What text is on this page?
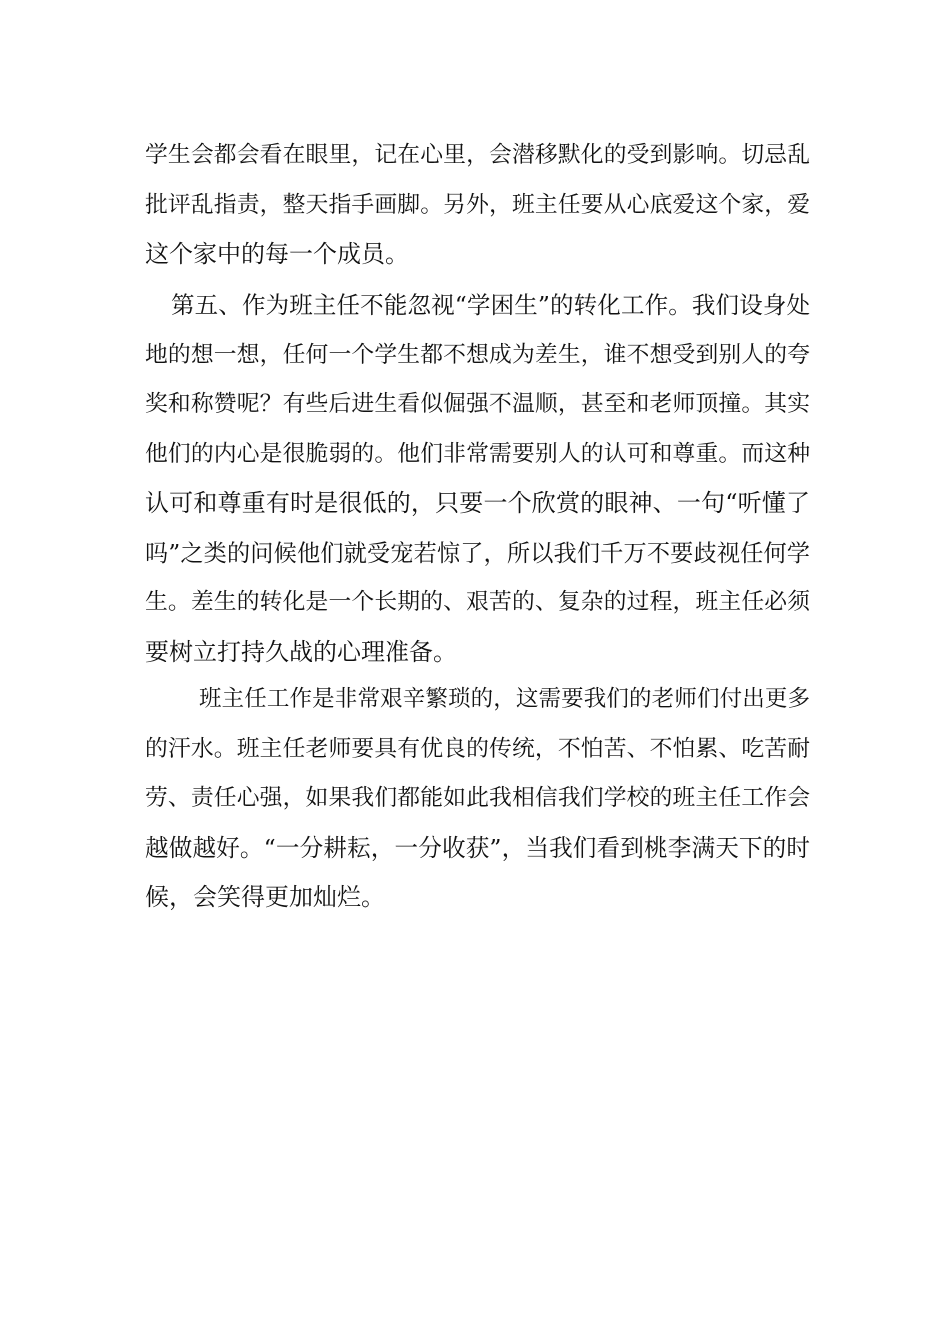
学生会都会看在眼里，记在心里，会潜移默化的受到影响。切忌乱
批评乱指责，整天指手画脚。另外，班主任要从心底爱这个家，爱
这个家中的每一个成员。
第五、作为班主任不能忽视“学困生”的转化工作。我们设身处
地的想一想，任何一个学生都不想成为差生，谁不想受到别人的夸
奖和称赞呢？有些后进生看似倔强不温顺，甚至和老师顶撞。其实
他们的内心是很脆弱的。他们非常需要别人的认可和尊重。而这种
认可和尊重有时是很低的，只要一个欣赏的眼神、一句“听懂了
吗”之类的问候他们就受宠若惊了，所以我们千万不要歧视任何学
生。差生的转化是一个长期的、艰苦的、复杂的过程，班主任必须
要树立打持久战的心理准备。
班主任工作是非常艰辛繁琐的，这需要我们的老师们付出更多
的汗水。班主任老师要具有优良的传统，不怕苦、不怕累、吃苦耐
劳、责任心强，如果我们都能如此我相信我们学校的班主任工作会
越做越好。“一分耕耘，一分收获”，当我们看到桃李满天下的时
候，会笑得更加灿烂。
